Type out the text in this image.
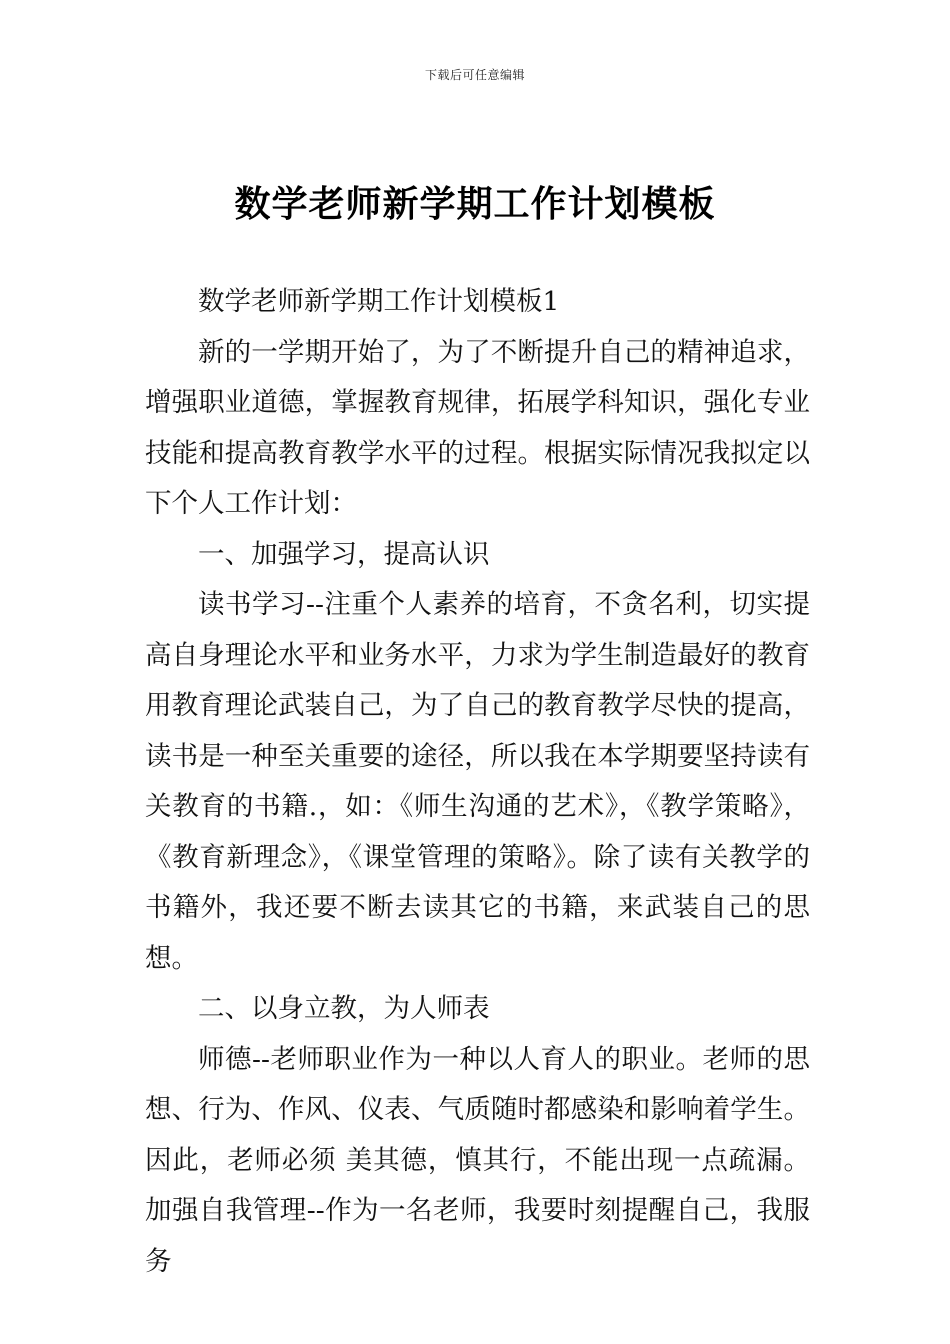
下载后可任意编辑
数学老师新学期工作计划模板

数学老师新学期工作计划模板1

新的一学期开始了，为了不断提升自己的精神追求，增强职业道德，掌握教育规律，拓展学科知识，强化专业技能和提高教育教学水平的过程。根据实际情况我拟定以下个人工作计划：

一、加强学习，提高认识

读书学习--注重个人素养的培育，不贪名利，切实提高自身理论水平和业务水平，力求为学生制造最好的教育用教育理论武装自己，为了自己的教育教学尽快的提高，读书是一种至关重要的途径，所以我在本学期要坚持读有关教育的书籍.，如：《师生沟通的艺术》，《教学策略》，《教育新理念》，《课堂管理的策略》。除了读有关教学的书籍外，我还要不断去读其它的书籍，来武装自己的思想。

二、以身立教，为人师表

师德--老师职业作为一种以人育人的职业。老师的思想、行为、作风、仪表、气质随时都感染和影响着学生。因此，老师必须 美其德，慎其行，不能出现一点疏漏。加强自我管理--作为一名老师，我要时刻提醒自己，我服务
